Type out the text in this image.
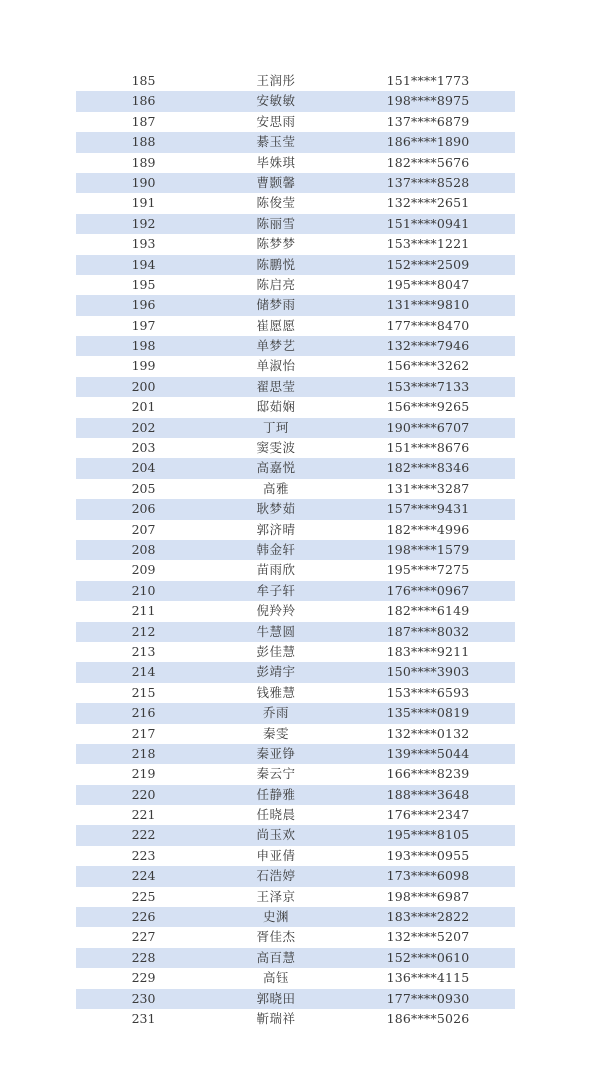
185	王润彤	151****1773
186	安敏敏	198****8975
187	安思雨	137****6879
188	綦玉莹	186****1890
189	毕姝琪	182****5676
190	曹颢馨	137****8528
191	陈俊莹	132****2651
192	陈丽雪	151****0941
193	陈梦梦	153****1221
194	陈鹏悦	152****2509
195	陈启亮	195****8047
196	储梦雨	131****9810
197	崔愿愿	177****8470
198	单梦艺	132****7946
199	单淑怡	156****3262
200	翟思莹	153****7133
201	邸茹娴	156****9265
202	丁珂	190****6707
203	窦雯波	151****8676
204	高嘉悦	182****8346
205	高雅	131****3287
206	耿梦茹	157****9431
207	郭济晴	182****4996
208	韩金轩	198****1579
209	苗雨欣	195****7275
210	牟子轩	176****0967
211	倪羚羚	182****6149
212	牛慧圆	187****8032
213	彭佳慧	183****9211
214	彭靖宇	150****3903
215	钱雅慧	153****6593
216	乔雨	135****0819
217	秦雯	132****0132
218	秦亚铮	139****5044
219	秦云宁	166****8239
220	任静雅	188****3648
221	任晓晨	176****2347
222	尚玉欢	195****8105
223	申亚倩	193****0955
224	石浩婷	173****6098
225	王泽京	198****6987
226	史渊	183****2822
227	胥佳杰	132****5207
228	高百慧	152****0610
229	高钰	136****4115
230	郭晓田	177****0930
231	靳瑞祥	186****5026
